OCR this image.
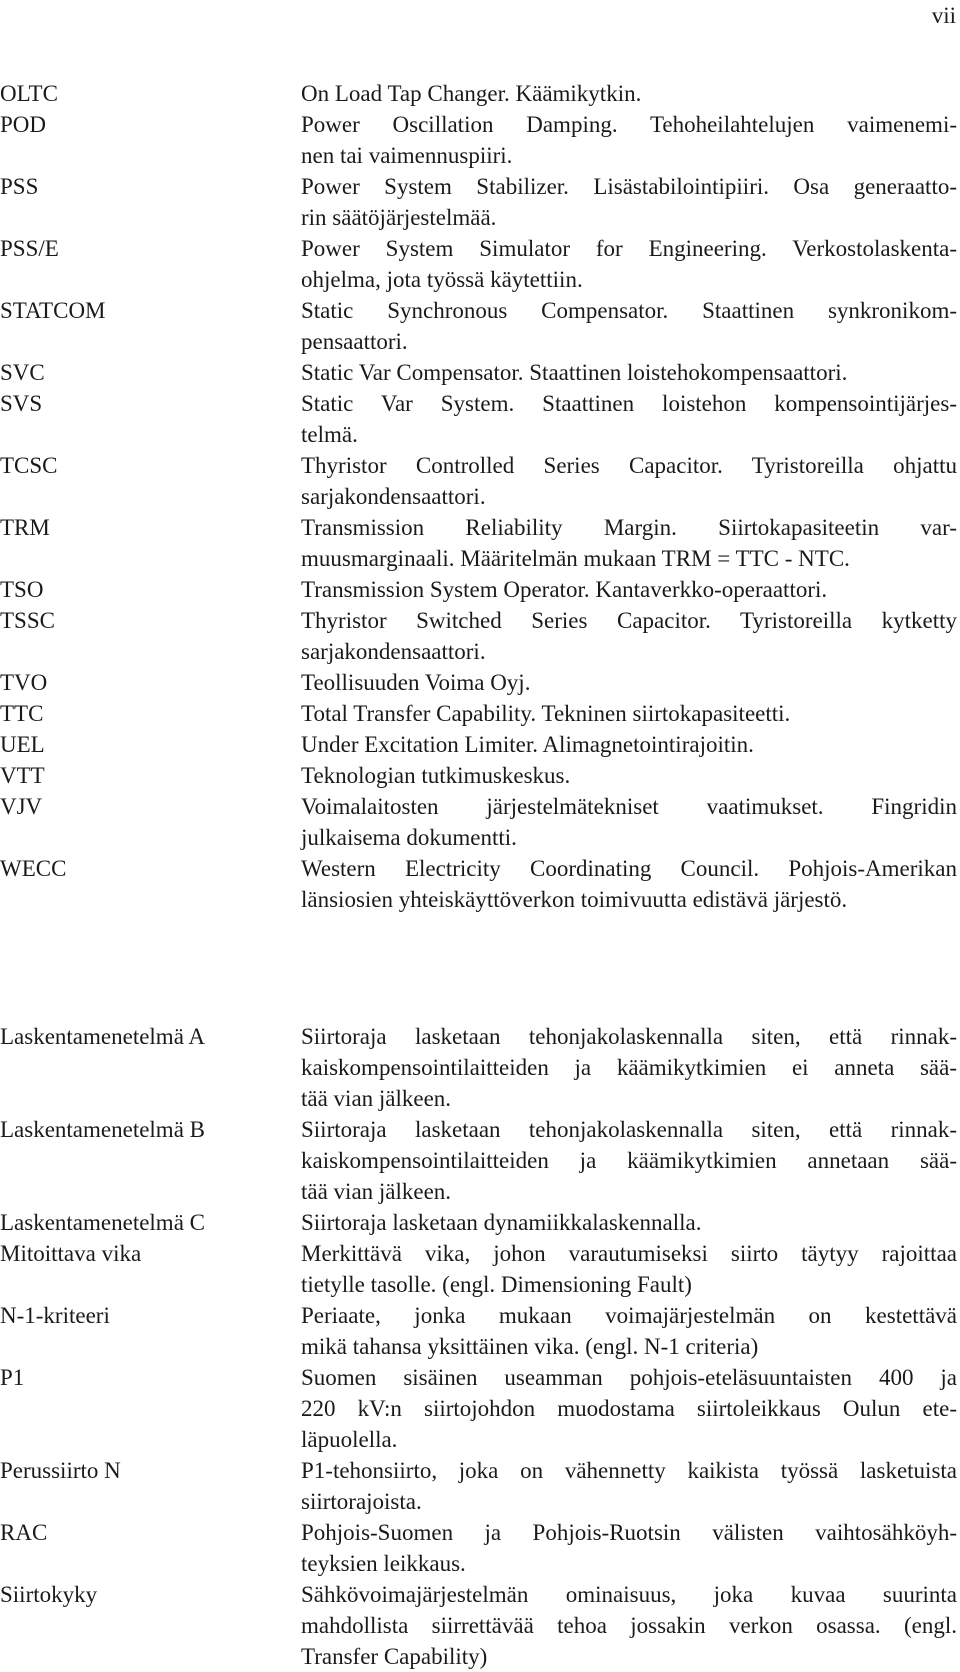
vii
OLTC	On Load Tap Changer. Käämikytkin.
POD	Power Oscillation Damping. Tehoheilahtelujen vaimenemi-
nen tai vaimennuspiiri.
PSS	Power System Stabilizer. Lisästabilointipiiri. Osa generaatto-
rin säätöjärjestelmää.
PSS/E	Power System Simulator for Engineering. Verkostolaskenta-
ohjelma, jota työssä käytettiin.
STATCOM	Static Synchronous Compensator. Staattinen synkronikom-
pensaattori.
SVC	Static Var Compensator. Staattinen loistehokompensaattori.
SVS	Static Var System. Staattinen loistehon kompensointijärjes-
telmä.
TCSC	Thyristor Controlled Series Capacitor. Tyristoreilla ohjattu
sarjakondensaattori.
TRM	Transmission Reliability Margin. Siirtokapasiteetin var-
muusmarginaali. Määritelmän mukaan TRM = TTC - NTC.
TSO	Transmission System Operator. Kantaverkko-operaattori.
TSSC	Thyristor Switched Series Capacitor. Tyristoreilla kytketty
sarjakondensaattori.
TVO	Teollisuuden Voima Oyj.
TTC	Total Transfer Capability. Tekninen siirtokapasiteetti.
UEL	Under Excitation Limiter. Alimagnetointirajoitin.
VTT	Teknologian tutkimuskeskus.
VJV	Voimalaitosten järjestelmätekniset vaatimukset. Fingridin
julkaisema dokumentti.
WECC	Western Electricity Coordinating Council. Pohjois-Amerikan
länsiosien yhteiskäyttöverkon toimivuutta edistävä järjestö.
Laskentamenetelmä A	Siirtoraja lasketaan tehonjakolaskennalla siten, että rinnak-
kaiskompensointilaitteiden ja käämikytkimien ei anneta sää-
tää vian jälkeen.
Laskentamenetelmä B	Siirtoraja lasketaan tehonjakolaskennalla siten, että rinnak-
kaiskompensointilaitteiden ja käämikytkimien annetaan sää-
tää vian jälkeen.
Laskentamenetelmä C	Siirtoraja lasketaan dynamiikkalaskennalla.
Mitoittava vika	Merkittävä vika, johon varautumiseksi siirto täytyy rajoittaa
tietylle tasolle. (engl. Dimensioning Fault)
N-1-kriteeri	Periaate, jonka mukaan voimajärjestelmän on kestettävä
mikä tahansa yksittäinen vika. (engl. N-1 criteria)
P1	Suomen sisäinen useamman pohjois-eteläsuuntaisten 400 ja
220 kV:n siirtojohdon muodostama siirtoleikkaus Oulun ete-
läpuolella.
Perussiirto N	P1-tehonsiirto, joka on vähennetty kaikista työssä lasketuista
siirtorajoista.
RAC	Pohjois-Suomen ja Pohjois-Ruotsin välisten vaihtosähköyh-
teyksien leikkaus.
Siirtokyky	Sähkövoimajärjestelmän ominaisuus, joka kuvaa suurinta
mahdollista siirrettävää tehoa jossakin verkon osassa. (engl.
Transfer Capability)
